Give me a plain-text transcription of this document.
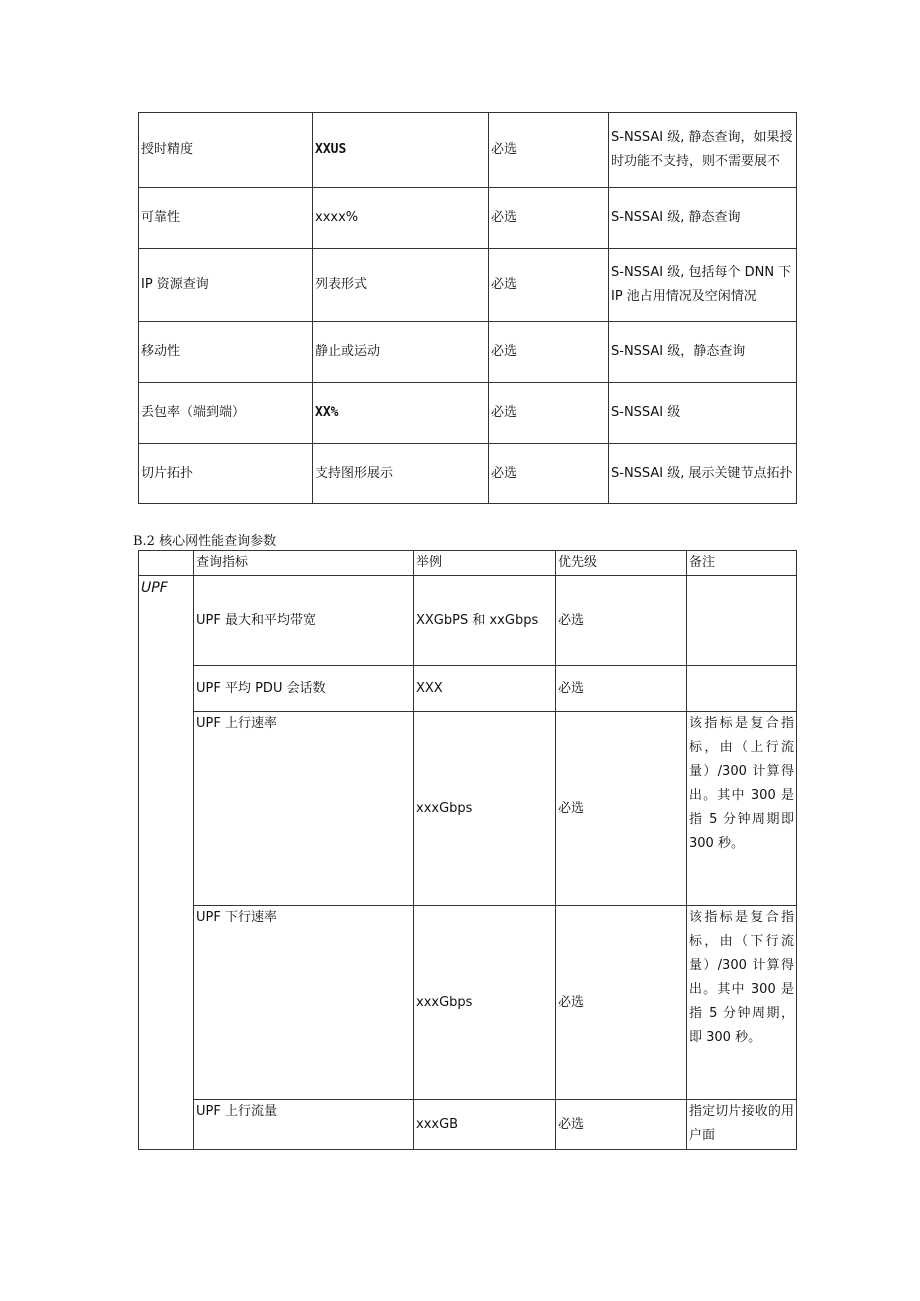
授时精度	XXUS	必选	S-NSSAI 级, 静态查询，如果授时功能不支持，则不需要展不
可靠性	xxxx%	必选	S-NSSAI 级, 静态查询
IP 资源查询	列表形式	必选	S-NSSAI 级, 包括每个 DNN 下 IP 池占用情况及空闲情况
移动性	静止或运动	必选	S-NSSAI 级，静态查询
丢包率（端到端）	XX%	必选	S-NSSAI 级
切片拓扑	支持图形展示	必选	S-NSSAI 级, 展示关键节点拓扑
B.2 核心网性能查询参数
	查询指标	举例	优先级	备注
UPF	UPF 最大和平均带宽	XXGbPS 和 xxGbps	必选	
	UPF 平均 PDU 会话数	XXX	必选	
	UPF 上行速率	xxxGbps	必选	该指标是复合指标，由（上行流量）/300 计算得出。其中 300 是指 5 分钟周期即 300 秒。
	UPF 下行速率	xxxGbps	必选	该指标是复合指标，由（下行流量）/300 计算得出。其中 300 是指 5 分钟周期，即 300 秒。
	UPF 上行流量	xxxGB	必选	指定切片接收的用户面
